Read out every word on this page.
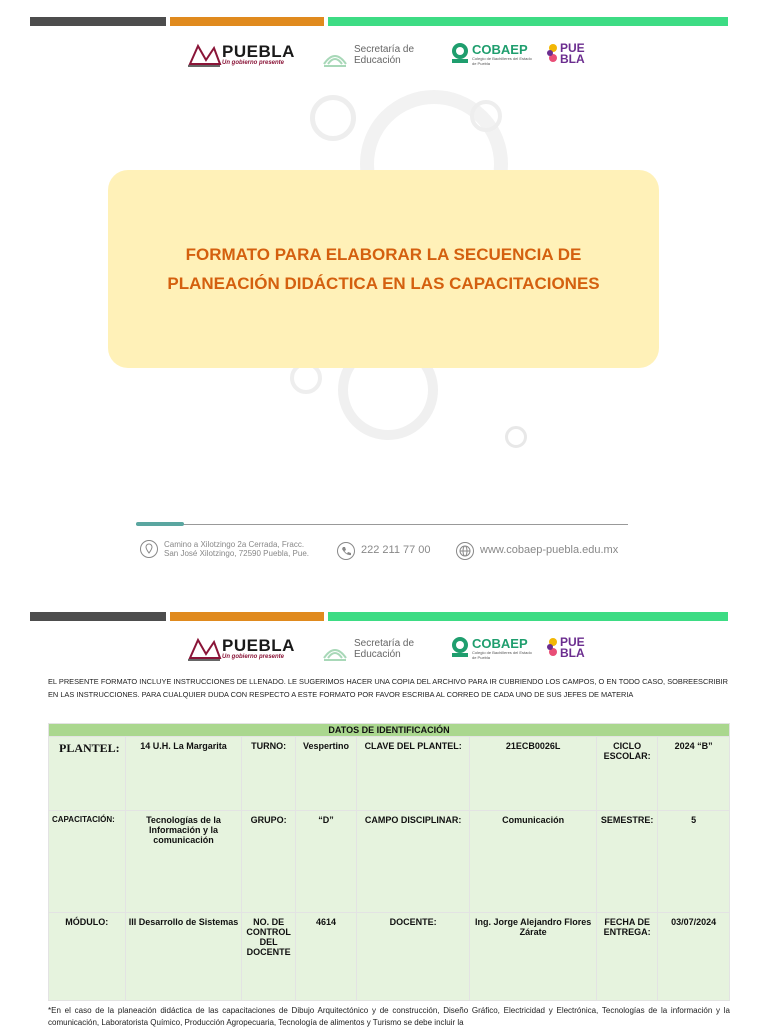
PUEBLA
Un gobierno presente
Secretaría de Educación
COBAEP
Colegio de Bachilleres del Estado de Puebla
PUE BLA
FORMATO PARA ELABORAR LA SECUENCIA DE
PLANEACIÓN DIDÁCTICA EN LAS CAPACITACIONES
Camino a Xilotzingo 2a Cerrada, Fracc.
San José Xilotzingo, 72590 Puebla, Pue.	222 211 77 00	www.cobaep-puebla.edu.mx
PUEBLA
Un gobierno presente
Secretaría de Educación
COBAEP
Colegio de Bachilleres del Estado de Puebla
PUE BLA
EL PRESENTE FORMATO INCLUYE INSTRUCCIONES DE LLENADO. LE SUGERIMOS HACER UNA COPIA DEL ARCHIVO PARA IR CUBRIENDO LOS CAMPOS, O EN TODO CASO, SOBREESCRIBIR EN LAS INSTRUCCIONES. PARA CUALQUIER DUDA CON RESPECTO A ESTE FORMATO POR FAVOR ESCRIBA AL CORREO DE CADA UNO DE SUS JEFES DE MATERIA
DATOS DE IDENTIFICACIÓN							
PLANTEL:	14 U.H. La Margarita	TURNO:	Vespertino	CLAVE DEL PLANTEL:	21ECB0026L	CICLO ESCOLAR:	2024 “B”
CAPACITACIÓN:	Tecnologías de la Información y la comunicación	GRUPO:	“D”	CAMPO DISCIPLINAR:	Comunicación	SEMESTRE:	5
MÓDULO:	III Desarrollo de Sistemas	NO. DE CONTROL DEL DOCENTE	4614	DOCENTE:	Ing. Jorge Alejandro Flores Zárate	FECHA DE ENTREGA:	03/07/2024
*En el caso de la planeación didáctica de las capacitaciones de Dibujo Arquitectónico y de construcción, Diseño Gráfico, Electricidad y Electrónica, Tecnologías de la información y la comunicación, Laboratorista Químico, Producción Agropecuaria, Tecnología de alimentos y Turismo se debe incluir la
